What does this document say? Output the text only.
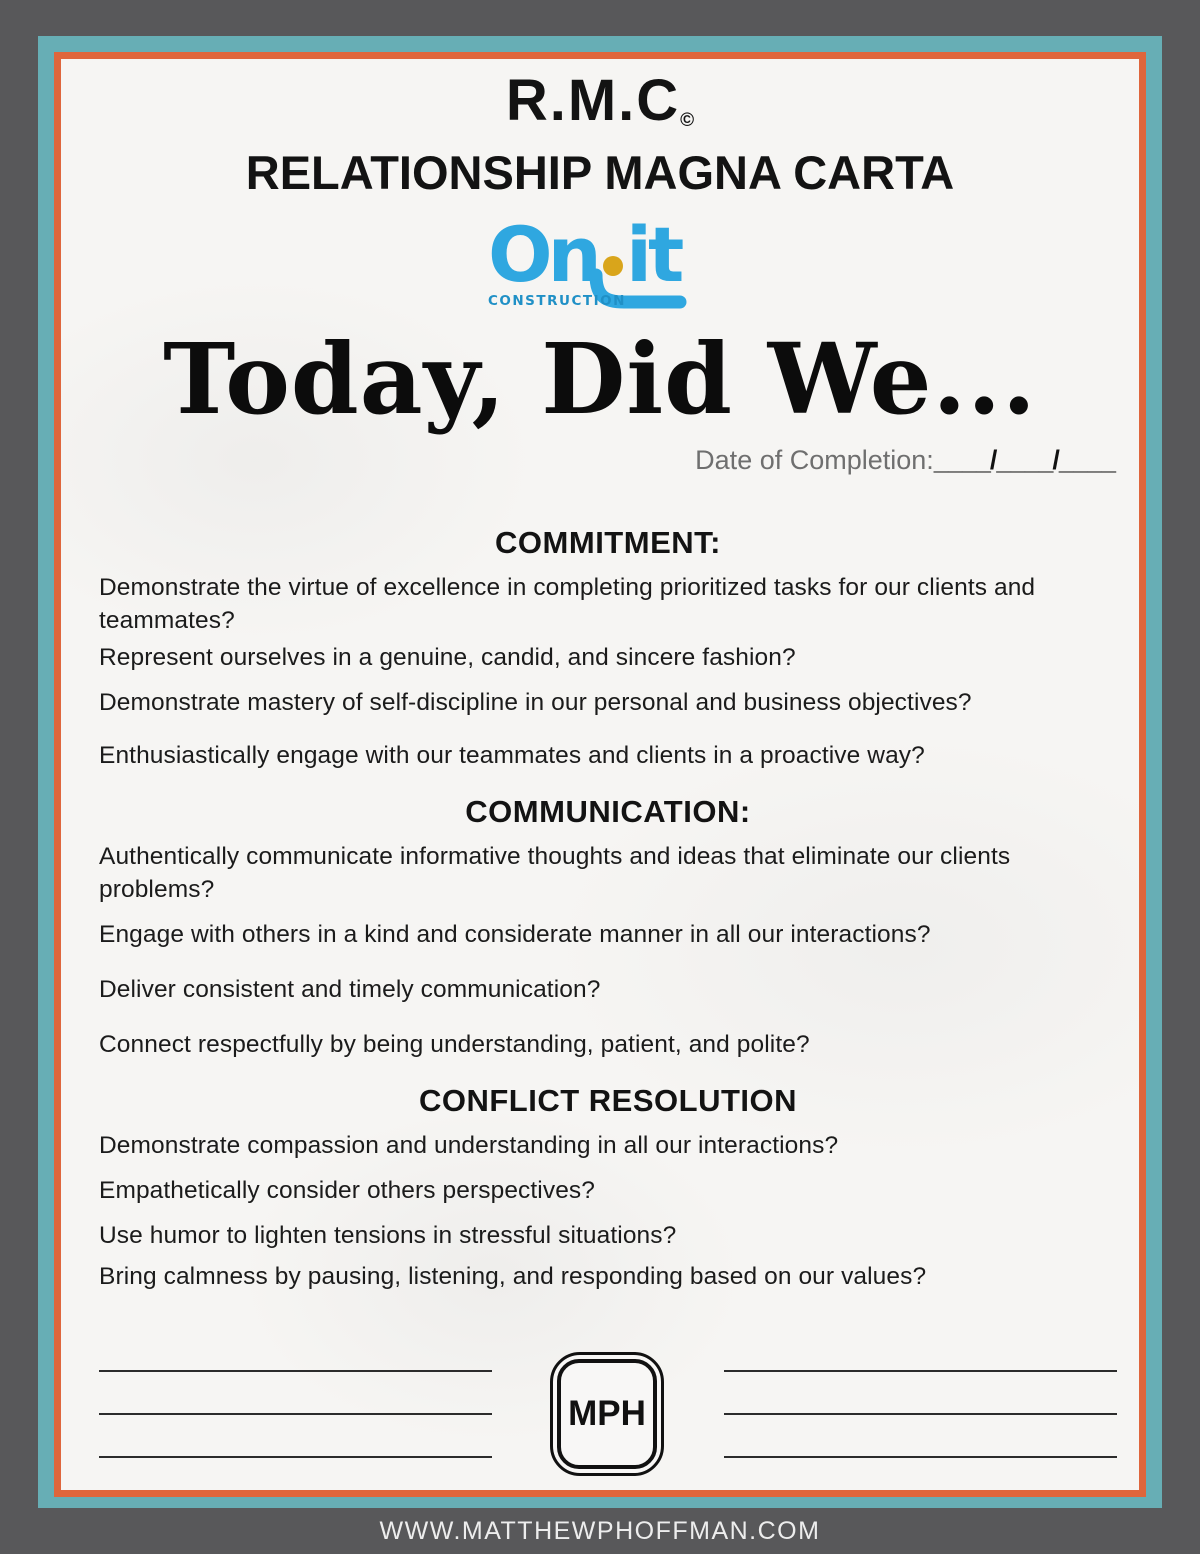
R.M.C©
RELATIONSHIP MAGNA CARTA
On it
CONSTRUCTION
Today, Did We...
Date of Completion:____/____/____
COMMITMENT:
Demonstrate the virtue of excellence in completing prioritized tasks for our clients and teammates?
Represent ourselves in a genuine, candid, and sincere fashion?
Demonstrate mastery of self-discipline in our personal and business objectives?
Enthusiastically engage with our teammates and clients in a proactive way?
COMMUNICATION:
Authentically communicate informative thoughts and ideas that eliminate our clients problems?
Engage with others in a kind and considerate manner in all our interactions?
Deliver consistent and timely communication?
Connect respectfully by being understanding, patient, and polite?
CONFLICT RESOLUTION
Demonstrate compassion and understanding in all our interactions?
Empathetically consider others perspectives?
Use humor to lighten tensions in stressful situations?
Bring calmness by pausing, listening, and responding based on our values?
MPH
WWW.MATTHEWPHOFFMAN.COM
